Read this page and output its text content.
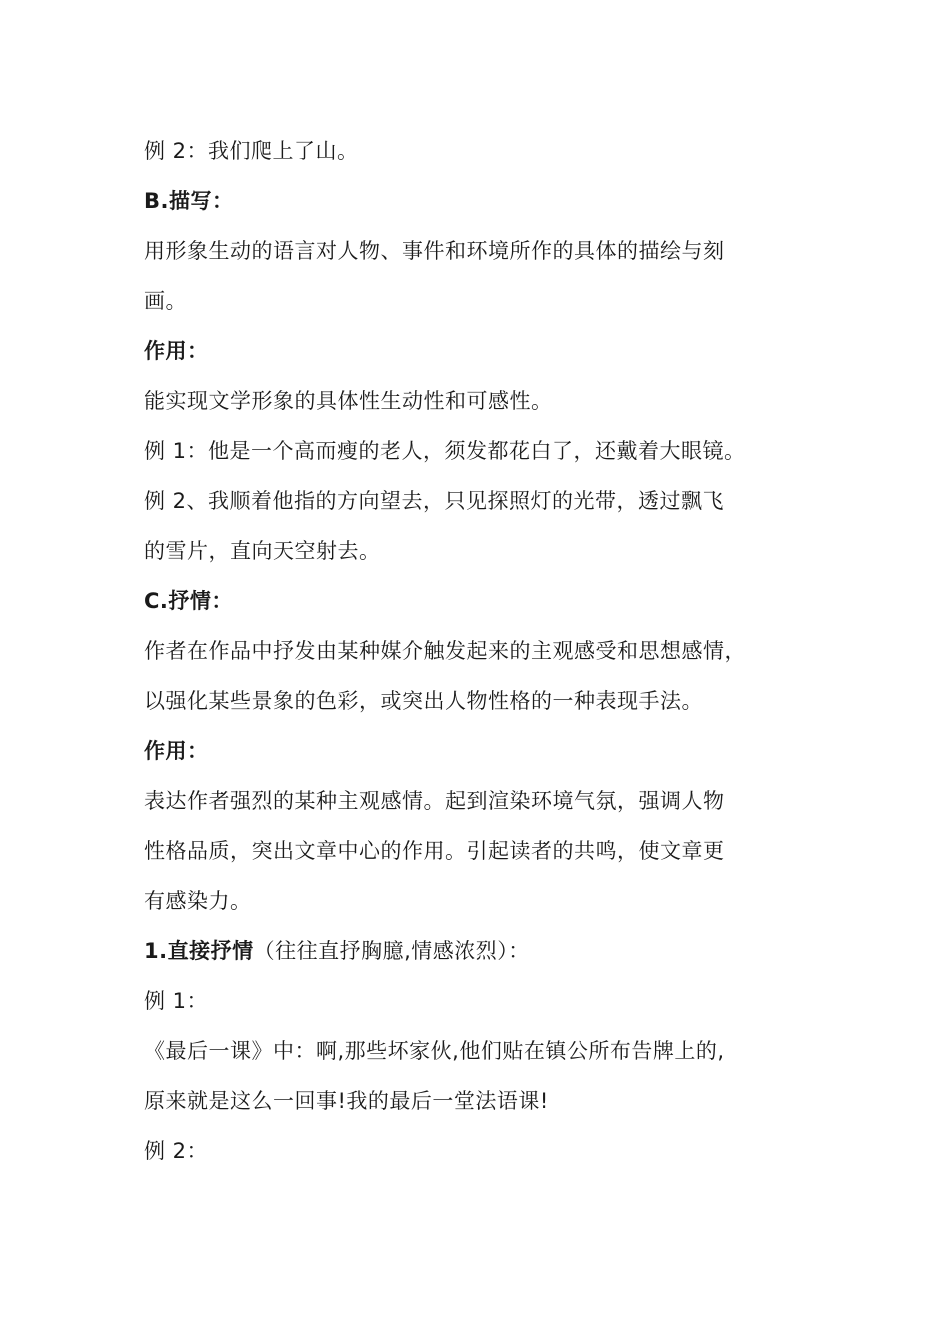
例 2：我们爬上了山。
B.描写：
用形象生动的语言对人物、事件和环境所作的具体的描绘与刻
画。
作用：
能实现文学形象的具体性生动性和可感性。
例 1：他是一个高而瘦的老人，须发都花白了，还戴着大眼镜。
例 2、我顺着他指的方向望去，只见探照灯的光带，透过飘飞
的雪片，直向天空射去。
C.抒情：
作者在作品中抒发由某种媒介触发起来的主观感受和思想感情，
以强化某些景象的色彩，或突出人物性格的一种表现手法。
作用：
表达作者强烈的某种主观感情。起到渲染环境气氛，强调人物
性格品质，突出文章中心的作用。引起读者的共鸣，使文章更
有感染力。
1.直接抒情（往往直抒胸臆,情感浓烈）：
例 1：
《最后一课》中：啊,那些坏家伙,他们贴在镇公所布告牌上的,
原来就是这么一回事!我的最后一堂法语课!
例 2：
